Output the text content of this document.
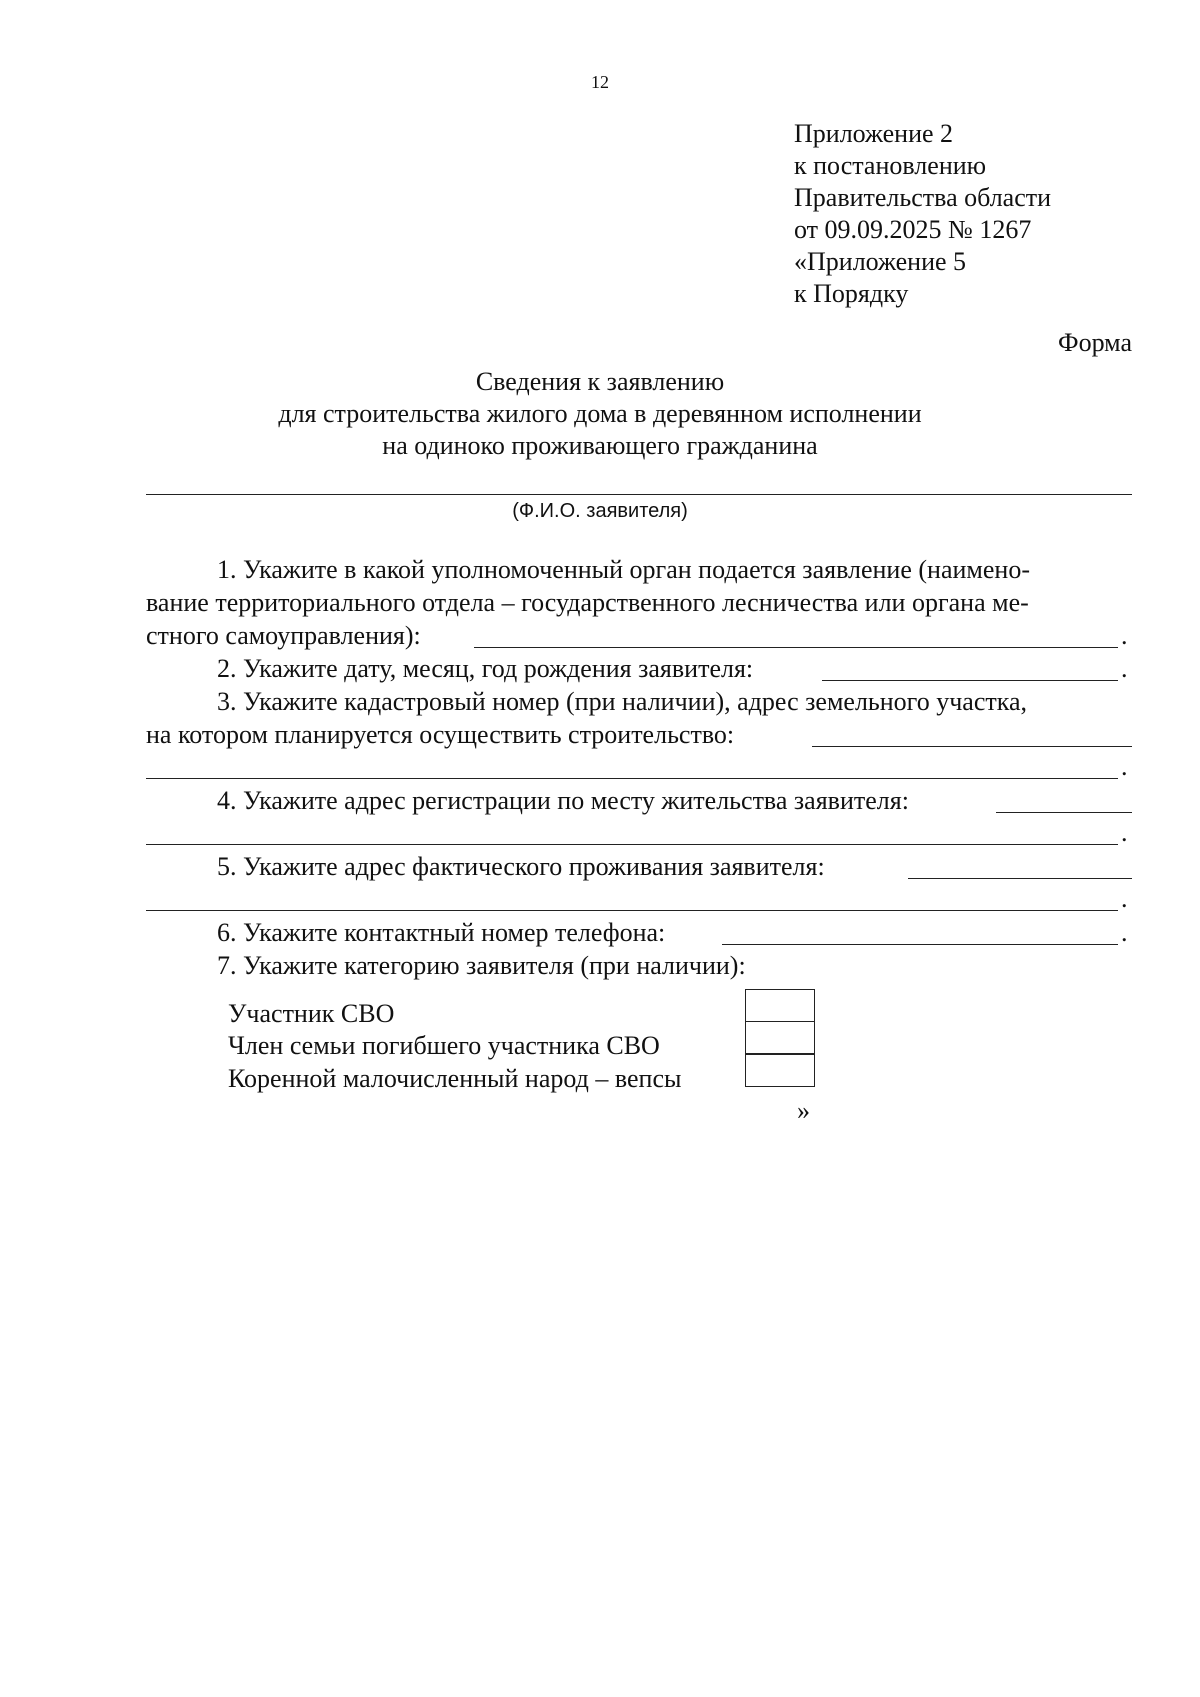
12
Приложение 2
к постановлению
Правительства области
от 09.09.2025 № 1267
«Приложение 5
к Порядку
Форма
Сведения к заявлению
для строительства жилого дома в деревянном исполнении
на одиноко проживающего гражданина
(Ф.И.О. заявителя)
1. Укажите в какой уполномоченный орган подается заявление (наимено-
вание территориального отдела – государственного лесничества или органа ме-
стного самоуправления):	.
2. Укажите дату, месяц, год рождения заявителя:	.
3. Укажите кадастровый номер (при наличии), адрес земельного участка,
на котором планируется осуществить строительство:
.
4. Укажите адрес регистрации по месту жительства заявителя:
.
5. Укажите адрес фактического проживания заявителя:
.
6. Укажите контактный номер телефона:	.
7. Укажите категорию заявителя (при наличии):
Участник СВО
Член семьи погибшего участника СВО
Коренной малочисленный народ – вепсы
»
